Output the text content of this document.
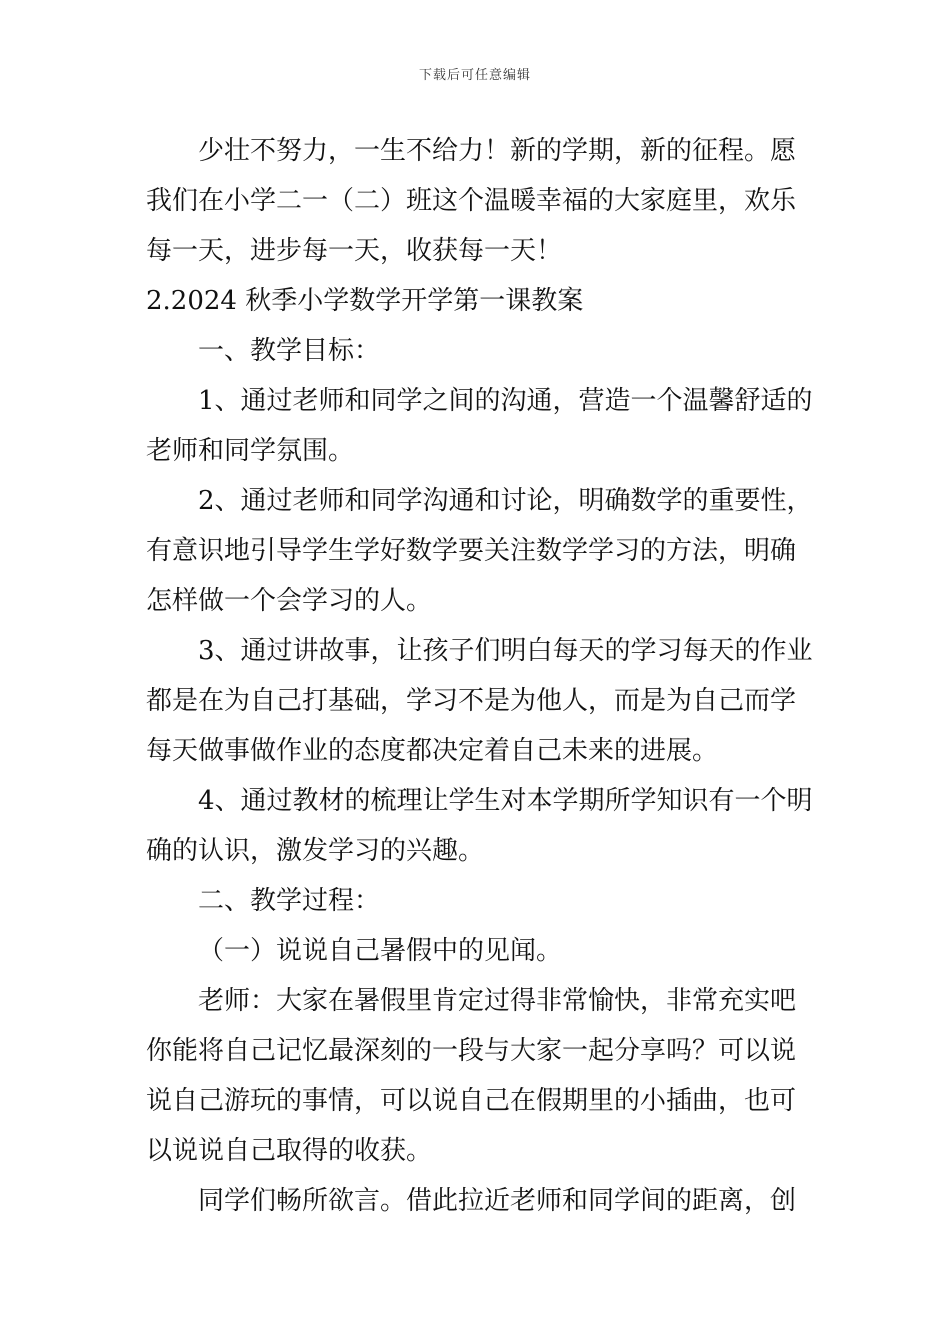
下载后可任意编辑
少壮不努力，一生不给力！新的学期，新的征程。愿
我们在小学二一（二）班这个温暖幸福的大家庭里，欢乐
每一天，进步每一天，收获每一天！
2.2024 秋季小学数学开学第一课教案
一、教学目标：
1、通过老师和同学之间的沟通，营造一个温馨舒适的
老师和同学氛围。
2、通过老师和同学沟通和讨论，明确数学的重要性，
有意识地引导学生学好数学要关注数学学习的方法，明确
怎样做一个会学习的人。
3、通过讲故事，让孩子们明白每天的学习每天的作业
都是在为自己打基础，学习不是为他人，而是为自己而学
每天做事做作业的态度都决定着自己未来的进展。
4、通过教材的梳理让学生对本学期所学知识有一个明
确的认识，激发学习的兴趣。
二、教学过程：
（一）说说自己暑假中的见闻。
老师：大家在暑假里肯定过得非常愉快，非常充实吧
你能将自己记忆最深刻的一段与大家一起分享吗？可以说
说自己游玩的事情，可以说自己在假期里的小插曲，也可
以说说自己取得的收获。
同学们畅所欲言。借此拉近老师和同学间的距离，创
